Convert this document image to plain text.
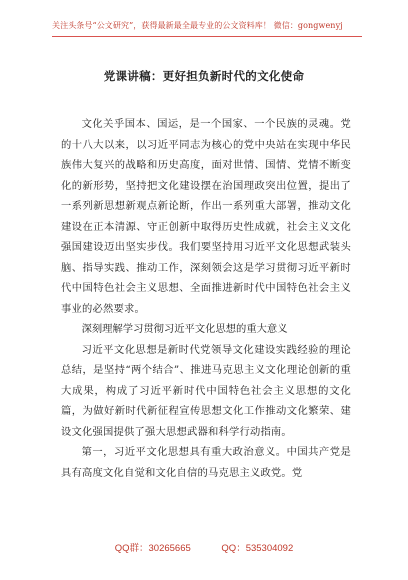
关注头条号“公文研究”，获得最新最全最专业的公文资料库！ 微信：gongwenyj
党课讲稿：更好担负新时代的文化使命

文化关乎国本、国运，是一个国家、一个民族的灵魂。党的十八大以来，以习近平同志为核心的党中央站在实现中华民族伟大复兴的战略和历史高度，面对世情、国情、党情不断变化的新形势，坚持把文化建设摆在治国理政突出位置，提出了一系列新思想新观点新论断，作出一系列重大部署，推动文化建设在正本清源、守正创新中取得历史性成就，社会主义文化强国建设迈出坚实步伐。我们要坚持用习近平文化思想武装头脑、指导实践、推动工作，深刻领会这是学习贯彻习近平新时代中国特色社会主义思想、全面推进新时代中国特色社会主义事业的必然要求。

深刻理解学习贯彻习近平文化思想的重大意义

习近平文化思想是新时代党领导文化建设实践经验的理论总结，是坚持“两个结合”、推进马克思主义文化理论创新的重大成果，构成了习近平新时代中国特色社会主义思想的文化篇，为做好新时代新征程宣传思想文化工作推动文化繁荣、建设文化强国提供了强大思想武器和科学行动指南。

第一，习近平文化思想具有重大政治意义。中国共产党是具有高度文化自觉和文化自信的马克思主义政党。党

QQ群：30265665	QQ：535304092
